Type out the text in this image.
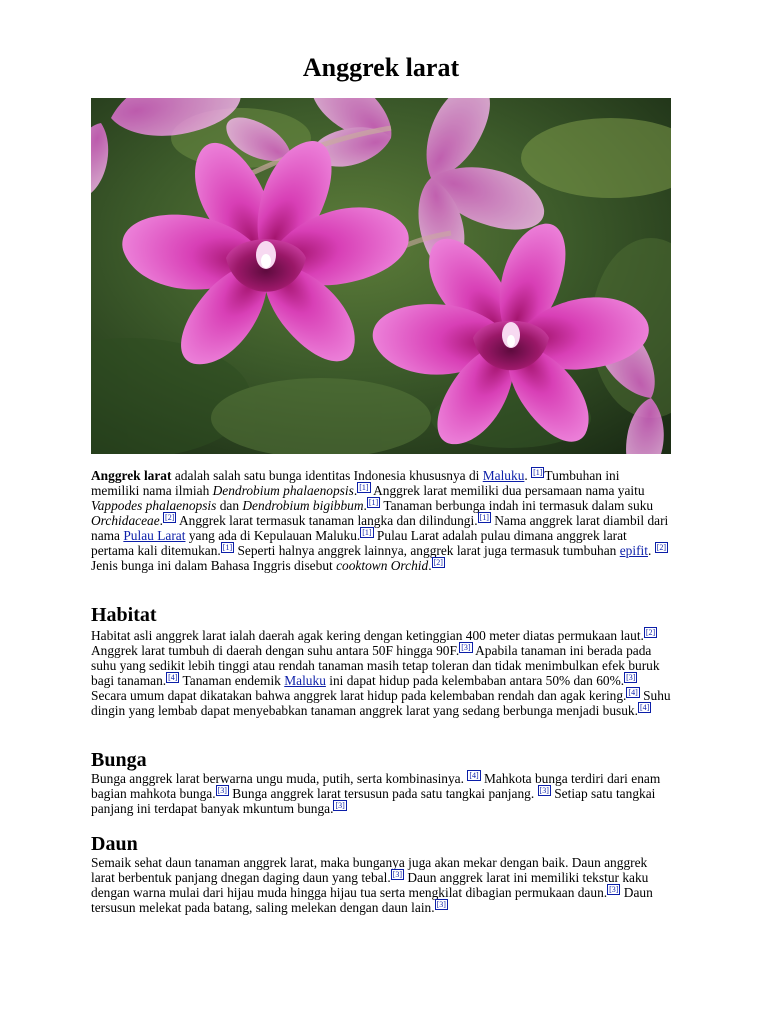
Anggrek larat

Anggrek larat adalah salah satu bunga identitas Indonesia khususnya di Maluku. [1] Tumbuhan ini memiliki nama ilmiah Dendrobium phalaenopsis. [1] Anggrek larat memiliki dua persamaan nama yaitu Vappodes phalaenopsis dan Dendrobium bigibbum. [1] Tanaman berbunga indah ini termasuk dalam suku Orchidaceae. [2] Anggrek larat termasuk tanaman langka dan dilindungi. [1] Nama anggrek larat diambil dari nama Pulau Larat yang ada di Kepulauan Maluku. [1] Pulau Larat adalah pulau dimana anggrek larat pertama kali ditemukan. [1] Seperti halnya anggrek lainnya, anggrek larat juga termasuk tumbuhan epifit. [2] Jenis bunga ini dalam Bahasa Inggris disebut cooktown Orchid. [2]

Habitat

Habitat asli anggrek larat ialah daerah agak kering dengan ketinggian 400 meter diatas permukaan laut. [2] Anggrek larat tumbuh di daerah dengan suhu antara 50F hingga 90F. [3] Apabila tanaman ini berada pada suhu yang sedikit lebih tinggi atau rendah tanaman masih tetap toleran dan tidak menimbulkan efek buruk bagi tanaman. [4] Tanaman endemik Maluku ini dapat hidup pada kelembaban antara 50% dan 60%. [3] Secara umum dapat dikatakan bahwa anggrek larat hidup pada kelembaban rendah dan agak kering. [4] Suhu dingin yang lembab dapat menyebabkan tanaman anggrek larat yang sedang berbunga menjadi busuk. [4]

Bunga

Bunga anggrek larat berwarna ungu muda, putih, serta kombinasinya. [4] Mahkota bunga terdiri dari enam bagian mahkota bunga. [3] Bunga anggrek larat tersusun pada satu tangkai panjang. [3] Setiap satu tangkai panjang ini terdapat banyak mkuntum bunga. [3]

Daun

Semaik sehat daun tanaman anggrek larat, maka bunganya juga akan mekar dengan baik. Daun anggrek larat berbentuk panjang dnegan daging daun yang tebal. [3] Daun anggrek larat ini memiliki tekstur kaku dengan warna mulai dari hijau muda hingga hijau tua serta mengkilat dibagian permukaan daun. [3] Daun tersusun melekat pada batang, saling melekan dengan daun lain. [3]
